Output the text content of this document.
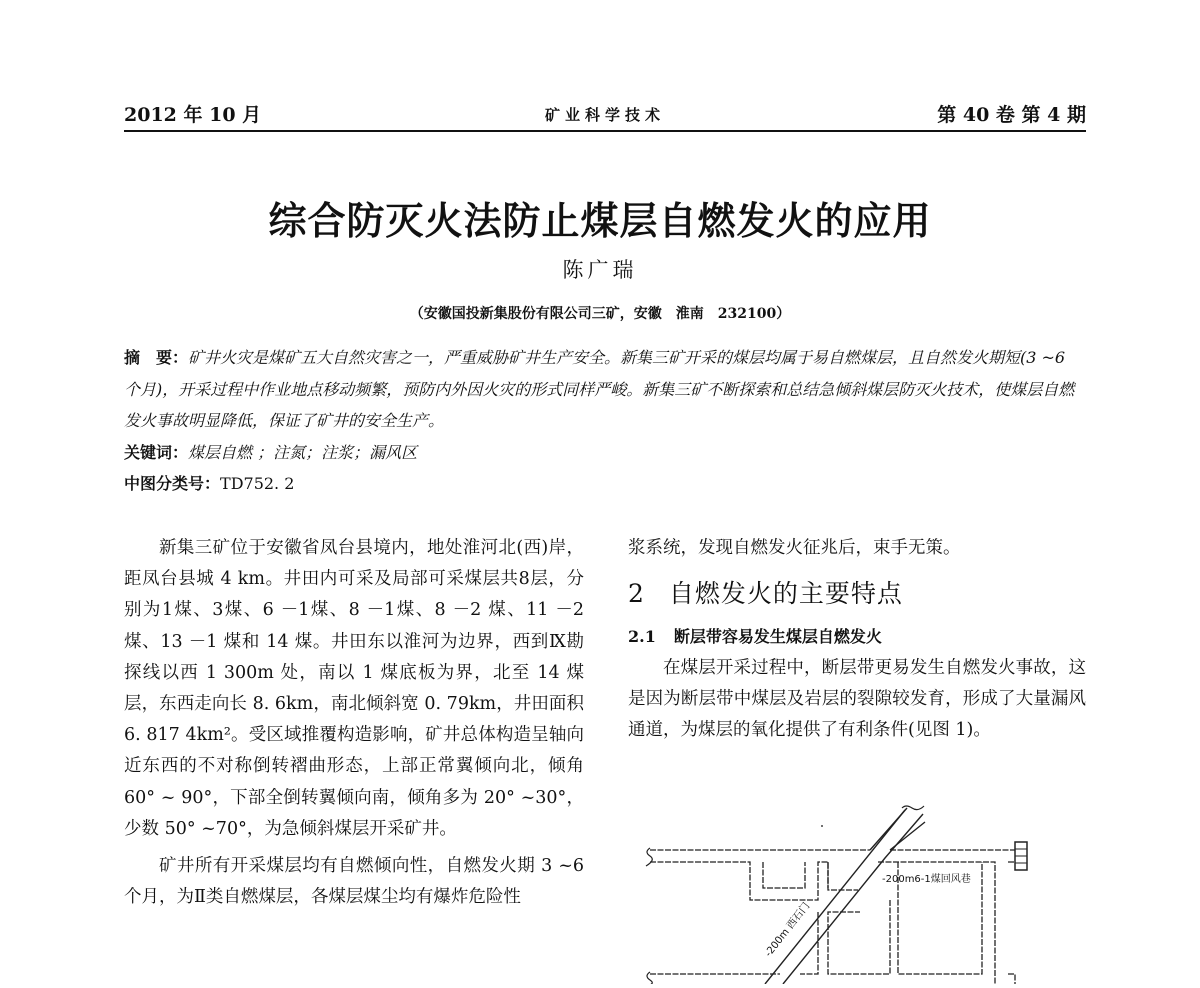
2012 年 10 月	矿业科学技术	第 40 卷 第 4 期
综合防灭火法防止煤层自燃发火的应用
陈广瑞
（安徽国投新集股份有限公司三矿，安徽　淮南　232100）
摘　要：矿井火灾是煤矿五大自然灾害之一，严重威胁矿井生产安全。新集三矿开采的煤层均属于易自燃煤层，且自然发火期短(3 ~6 个月)，开采过程中作业地点移动频繁，预防内外因火灾的形式同样严峻。新集三矿不断探索和总结急倾斜煤层防灭火技术，使煤层自燃发火事故明显降低，保证了矿井的安全生产。
关键词：煤层自燃 ；注氮；注浆；漏风区
中图分类号：TD752. 2

新集三矿位于安徽省凤台县境内，地处淮河北(西)岸，距凤台县城 4 km。井田内可采及局部可采煤层共8层，分别为1煤、3煤、6 －1煤、8 －1煤、8 －2 煤、11 －2 煤、13 －1 煤和 14 煤。井田东以淮河为边界，西到Ⅸ勘探线以西 1 300m 处，南以 1 煤底板为界，北至 14 煤层，东西走向长 8. 6km，南北倾斜宽 0. 79km，井田面积 6. 817 4km²。受区域推覆构造影响，矿井总体构造呈轴向近东西的不对称倒转褶曲形态，上部正常翼倾向北，倾角 60° ~ 90°，下部全倒转翼倾向南，倾角多为 20° ~30°，少数 50° ~70°，为急倾斜煤层开采矿井。

矿井所有开采煤层均有自燃倾向性，自燃发火期 3 ~6 个月，为Ⅱ类自燃煤层，各煤层煤尘均有爆炸危险性

浆系统，发现自燃发火征兆后，束手无策。

2 自燃发火的主要特点

2.1 断层带容易发生煤层自燃发火

在煤层开采过程中，断层带更易发生自燃发火事故，这是因为断层带中煤层及岩层的裂隙较发育，形成了大量漏风通道，为煤层的氧化提供了有利条件(见图 1)。

-200m6-1煤回风巷
-200m 西石门
